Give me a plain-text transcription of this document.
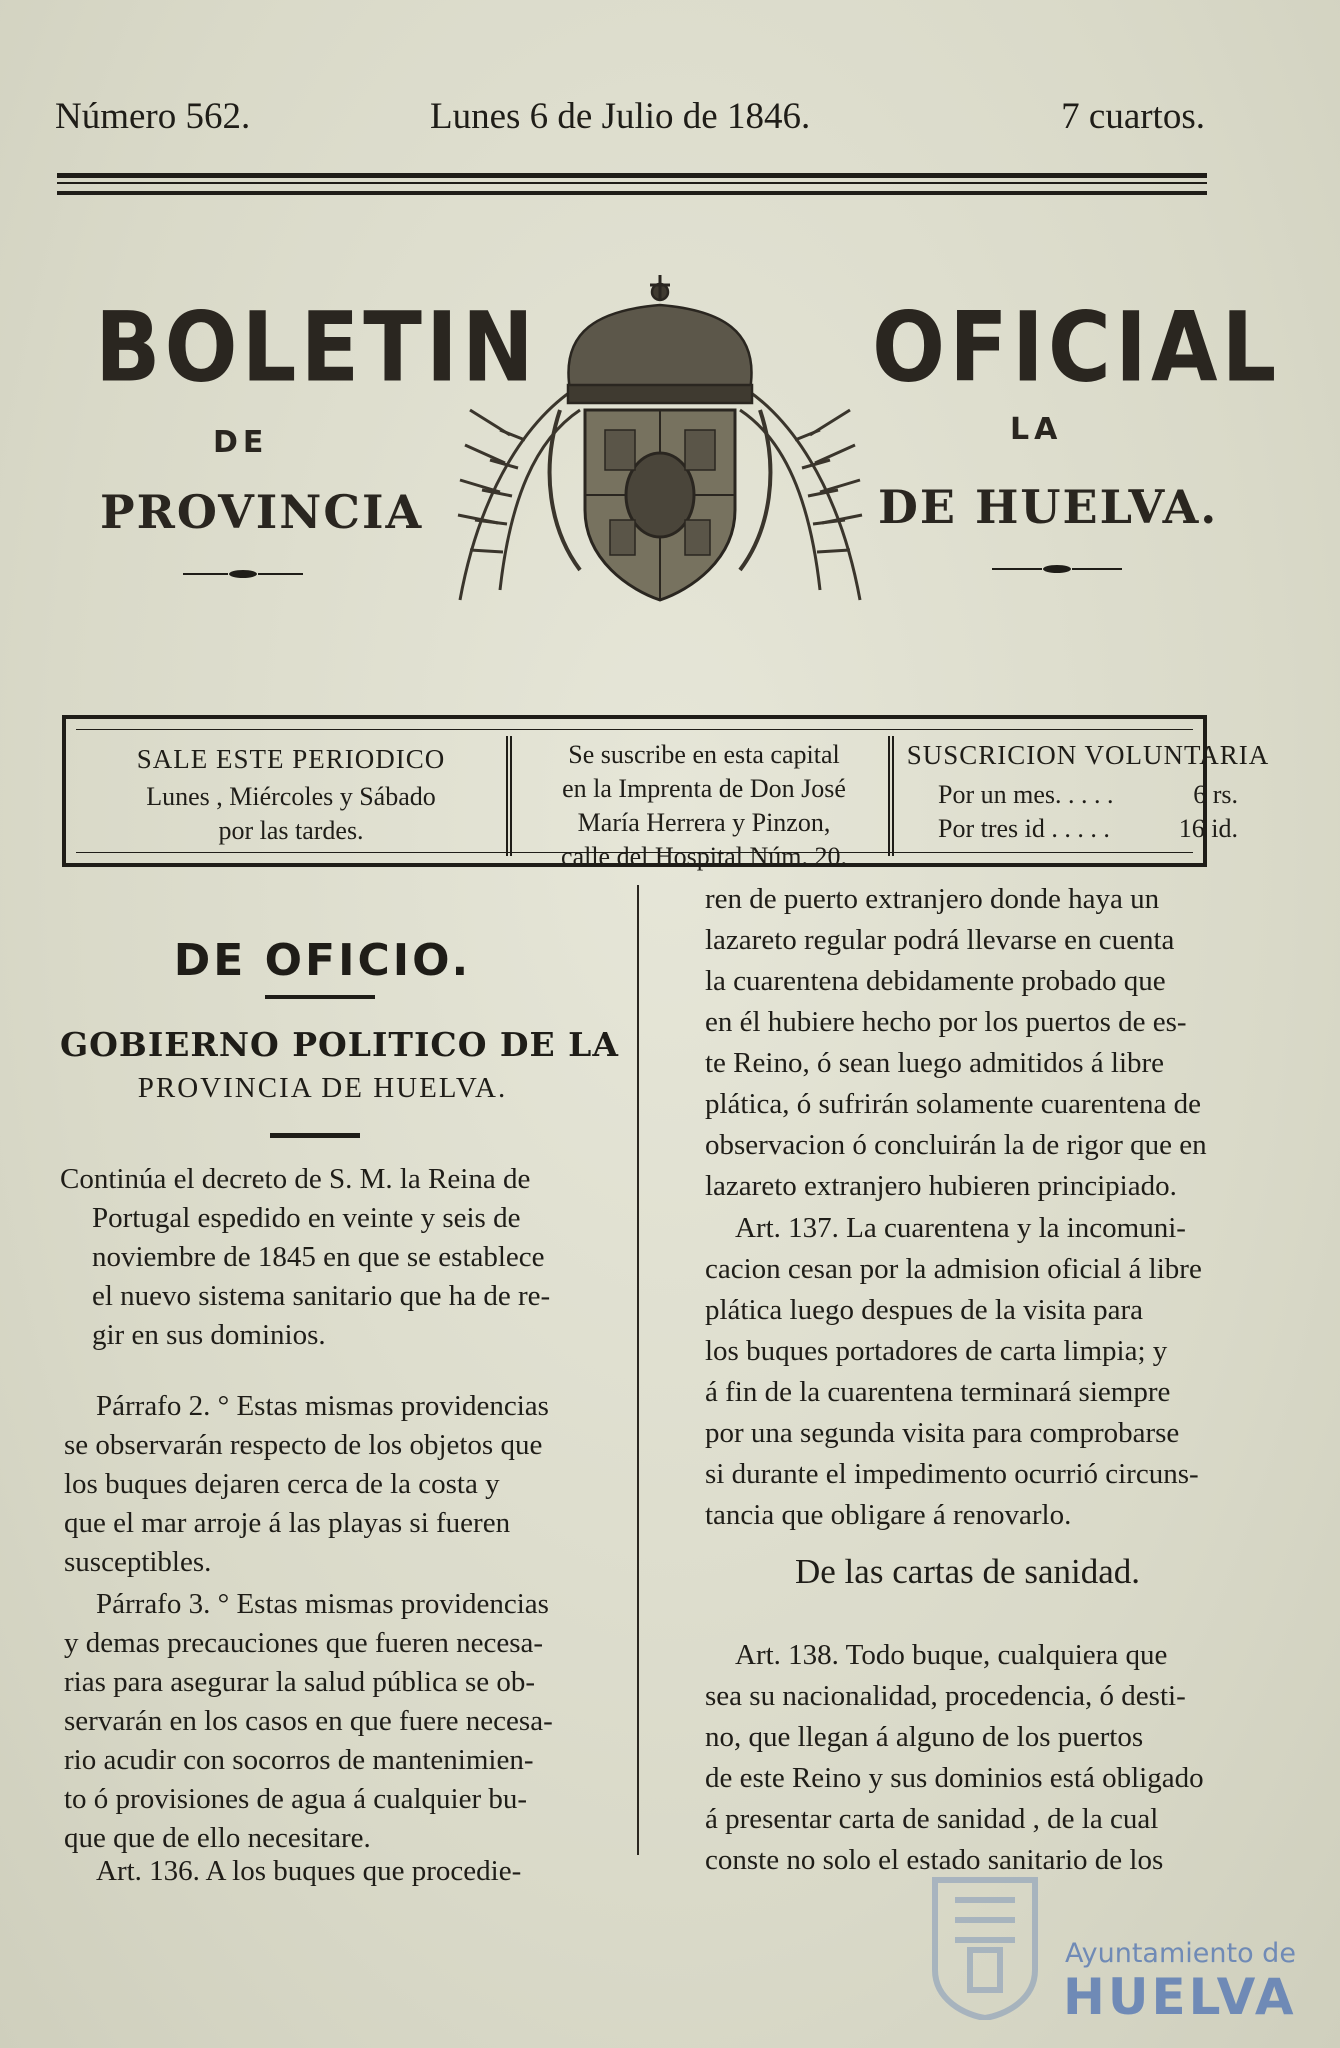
Número 562.	Lunes 6 de Julio de 1846.	7 cuartos.
BOLETIN	OFICIAL
DE	LA
PROVINCIA	DE HUELVA.
SALE ESTE PERIODICO
Lunes , Miércoles y Sábado
por las tardes.
Se suscribe en esta capital
en la Imprenta de Don José
María Herrera y Pinzon,
calle del Hospital Núm. 20.
SUSCRICION VOLUNTARIA
Por un mes. . . . .	6 rs.
Por tres id . . . . .	16 id.
DE OFICIO.
GOBIERNO POLITICO DE LA
PROVINCIA DE HUELVA.
Continúa el decreto de S. M. la Reina de
Portugal espedido en veinte y seis de
noviembre de 1845 en que se establece
el nuevo sistema sanitario que ha de re-
gir en sus dominios.
Párrafo 2. ° Estas mismas providencias
se observarán respecto de los objetos que
los buques dejaren cerca de la costa y
que el mar arroje á las playas si fueren
susceptibles.
Párrafo 3. ° Estas mismas providencias
y demas precauciones que fueren necesa-
rias para asegurar la salud pública se ob-
servarán en los casos en que fuere necesa-
rio acudir con socorros de mantenimien-
to ó provisiones de agua á cualquier bu-
que que de ello necesitare.
Art. 136. A los buques que procedie-
ren de puerto extranjero donde haya un
lazareto regular podrá llevarse en cuenta
la cuarentena debidamente probado que
en él hubiere hecho por los puertos de es-
te Reino, ó sean luego admitidos á libre
plática, ó sufrirán solamente cuarentena de
observacion ó concluirán la de rigor que en
lazareto extranjero hubieren principiado.
Art. 137. La cuarentena y la incomuni-
cacion cesan por la admision oficial á libre
plática luego despues de la visita para
los buques portadores de carta limpia; y
á fin de la cuarentena terminará siempre
por una segunda visita para comprobarse
si durante el impedimento ocurrió circuns-
tancia que obligare á renovarlo.
De las cartas de sanidad.
Art. 138. Todo buque, cualquiera que
sea su nacionalidad, procedencia, ó desti-
no, que llegan á alguno de los puertos
de este Reino y sus dominios está obligado
á presentar carta de sanidad , de la cual
conste no solo el estado sanitario de los
Ayuntamiento de
HUELVA
